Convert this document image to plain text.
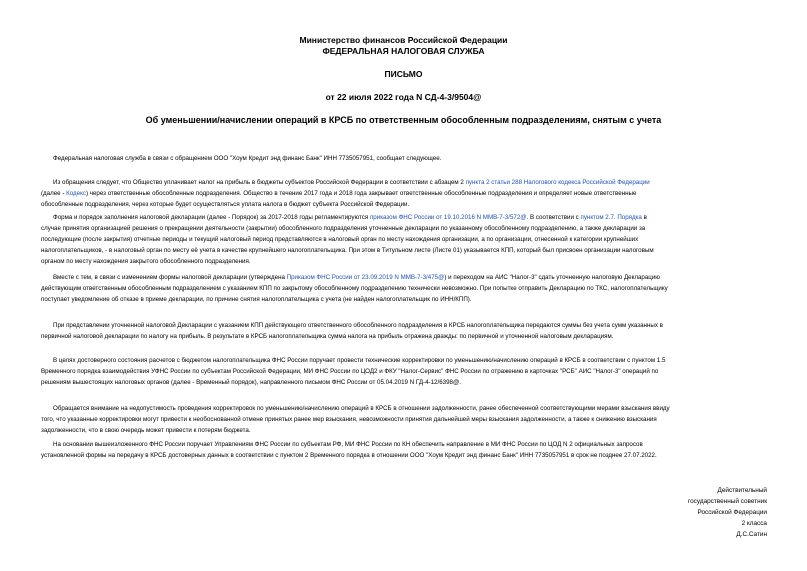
Министерство финансов Российской Федерации
ФЕДЕРАЛЬНАЯ НАЛОГОВАЯ СЛУЖБА
ПИСЬМО
от 22 июля 2022 года N СД-4-3/9504@
Об уменьшении/начислении операций в КРСБ по ответственным обособленным подразделениям, снятым с учета
Федеральная налоговая служба в связи с обращением ООО "Хоум Кредит энд финанс Банк" ИНН 7735057951, сообщает следующее.
Из обращения следует, что Общество уплачивает налог на прибыль в бюджеты субъектов Российской Федерации в соответствии с абзацем 2 пункта 2 статьи 288 Налогового кодекса Российской Федерации
(далее - Кодекс) через ответственные обособленные подразделения. Общество в течение 2017 года и 2018 года закрывает ответственные обособленные подразделения и определяет новые ответственные
обособленные подразделения, через которые будет осуществляться уплата налога в бюджет субъекта Российской Федерации.
Форма и порядок заполнения налоговой декларации (далее - Порядок) за 2017-2018 годы регламентируются приказом ФНС России от 19.10.2016 N ММВ-7-3/572@. В соответствии с пунктом 2.7. Порядка в
случае принятия организацией решения о прекращении деятельности (закрытии) обособленного подразделения уточненные декларации по указанному обособленному подразделению, а также декларации за
последующие (после закрытия) отчетные периоды и текущий налоговый период представляются в налоговый орган по месту нахождения организации, а по организации, отнесенной к категории крупнейших
налогоплательщиков, - в налоговый орган по месту её учета в качестве крупнейшего налогоплательщика. При этом в Титульном листе (Листе 01) указывается КПП, который был присвоен организации налоговым
органом по месту нахождения закрытого обособленного подразделения.
Вместе с тем, в связи с изменением формы налоговой декларации (утверждена Приказом ФНС России от 23.09.2019 N ММВ-7-3/475@) и переходом на АИС "Налог-3" сдать уточненную налоговую Декларацию
действующим ответственным обособленным подразделением с указанием КПП по закрытому обособленному подразделению технически невозможно. При попытке отправить Декларацию по ТКС, налогоплательщику
поступает уведомление об отказе в приеме декларации, по причине снятия налогоплательщика с учета (не найден налогоплательщик по ИНН/КПП).
При представлении уточненной налоговой Декларации с указанием КПП действующего ответственного обособленного подразделения в КРСБ налогоплательщика передаются суммы без учета сумм указанных в
первичной налоговой декларации по налогу на прибыль. В результате в КРСБ налогоплательщика сумма налога на прибыль отражена дважды: по первичной и уточненной налоговым декларациям.
В целях достоверного состояния расчетов с бюджетом налогоплательщика ФНС России поручает провести технические корректировки по уменьшению/начислению операций в КРСБ в соответствии с пунктом 1.5
Временного порядка взаимодействия УФНС России по субъектам Российской Федерации, МИ ФНС России по ЦОД2 и ФКУ "Налог-Сервис" ФНС России по отражению в карточках "РСБ" АИС "Налог-3" операций по
решениям вышестоящих налоговых органов (далее - Временный порядок), направленного письмом ФНС России от 05.04.2019 N ГД-4-12/6398@.
Обращается внимание на недопустимость проведения корректировок по уменьшению/начислению операций в КРСБ в отношении задолженности, ранее обеспеченной соответствующими мерами взыскания ввиду
того, что указанные корректировки могут привести к необоснованной отмене принятых ранее мер взыскания, невозможности принятия дальнейшей меры взыскания задолженности, а также к снижению взыскания
задолженности, что в свою очередь может привести к потерям бюджета.
На основании вышеизложенного ФНС России поручает Управлениям ФНС России по субъектам РФ, МИ ФНС России по КН обеспечить направление в МИ ФНС России по ЦОД N 2 официальных запросов
установленной формы на передачу в КРСБ достоверных данных в соответствии с пунктом 2 Временного порядка в отношении ООО "Хоум Кредит энд финанс Банк" ИНН 7735057951 в срок не позднее 27.07.2022.
Действительный
государственный советник
Российской Федерации
2 класса
Д.С.Сатин
